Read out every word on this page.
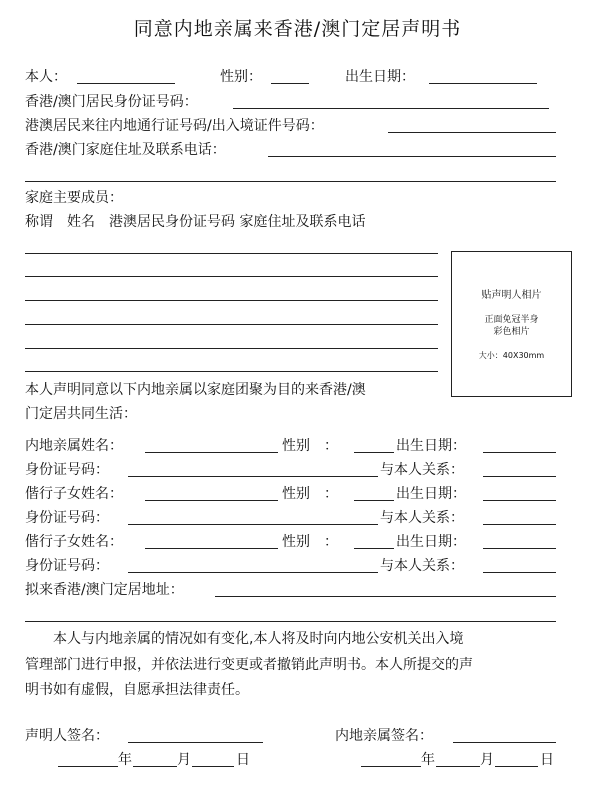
同意内地亲属来香港/澳门定居声明书
本人：	性别：	出生日期：
香港/澳门居民身份证号码：
港澳居民来往内地通行证号码/出入境证件号码：
香港/澳门家庭住址及联系电话：
家庭主要成员：
称谓　姓名　港澳居民身份证号码 家庭住址及联系电话
贴声明人相片
正面免冠半身
彩色相片
大小：40X30mm
本人声明同意以下内地亲属以家庭团聚为目的来香港/澳
门定居共同生活：
内地亲属姓名：	性别　：	出生日期：
身份证号码：	与本人关系：
偕行子女姓名：	性别　：	出生日期：
身份证号码：	与本人关系：
偕行子女姓名：	性别　：	出生日期：
身份证号码：	与本人关系：
拟来香港/澳门定居地址：
本人与内地亲属的情况如有变化,本人将及时向内地公安机关出入境
管理部门进行申报，并依法进行变更或者撤销此声明书。本人所提交的声
明书如有虚假，自愿承担法律责任。
声明人签名：	内地亲属签名：
年	月	日	年	月	日
